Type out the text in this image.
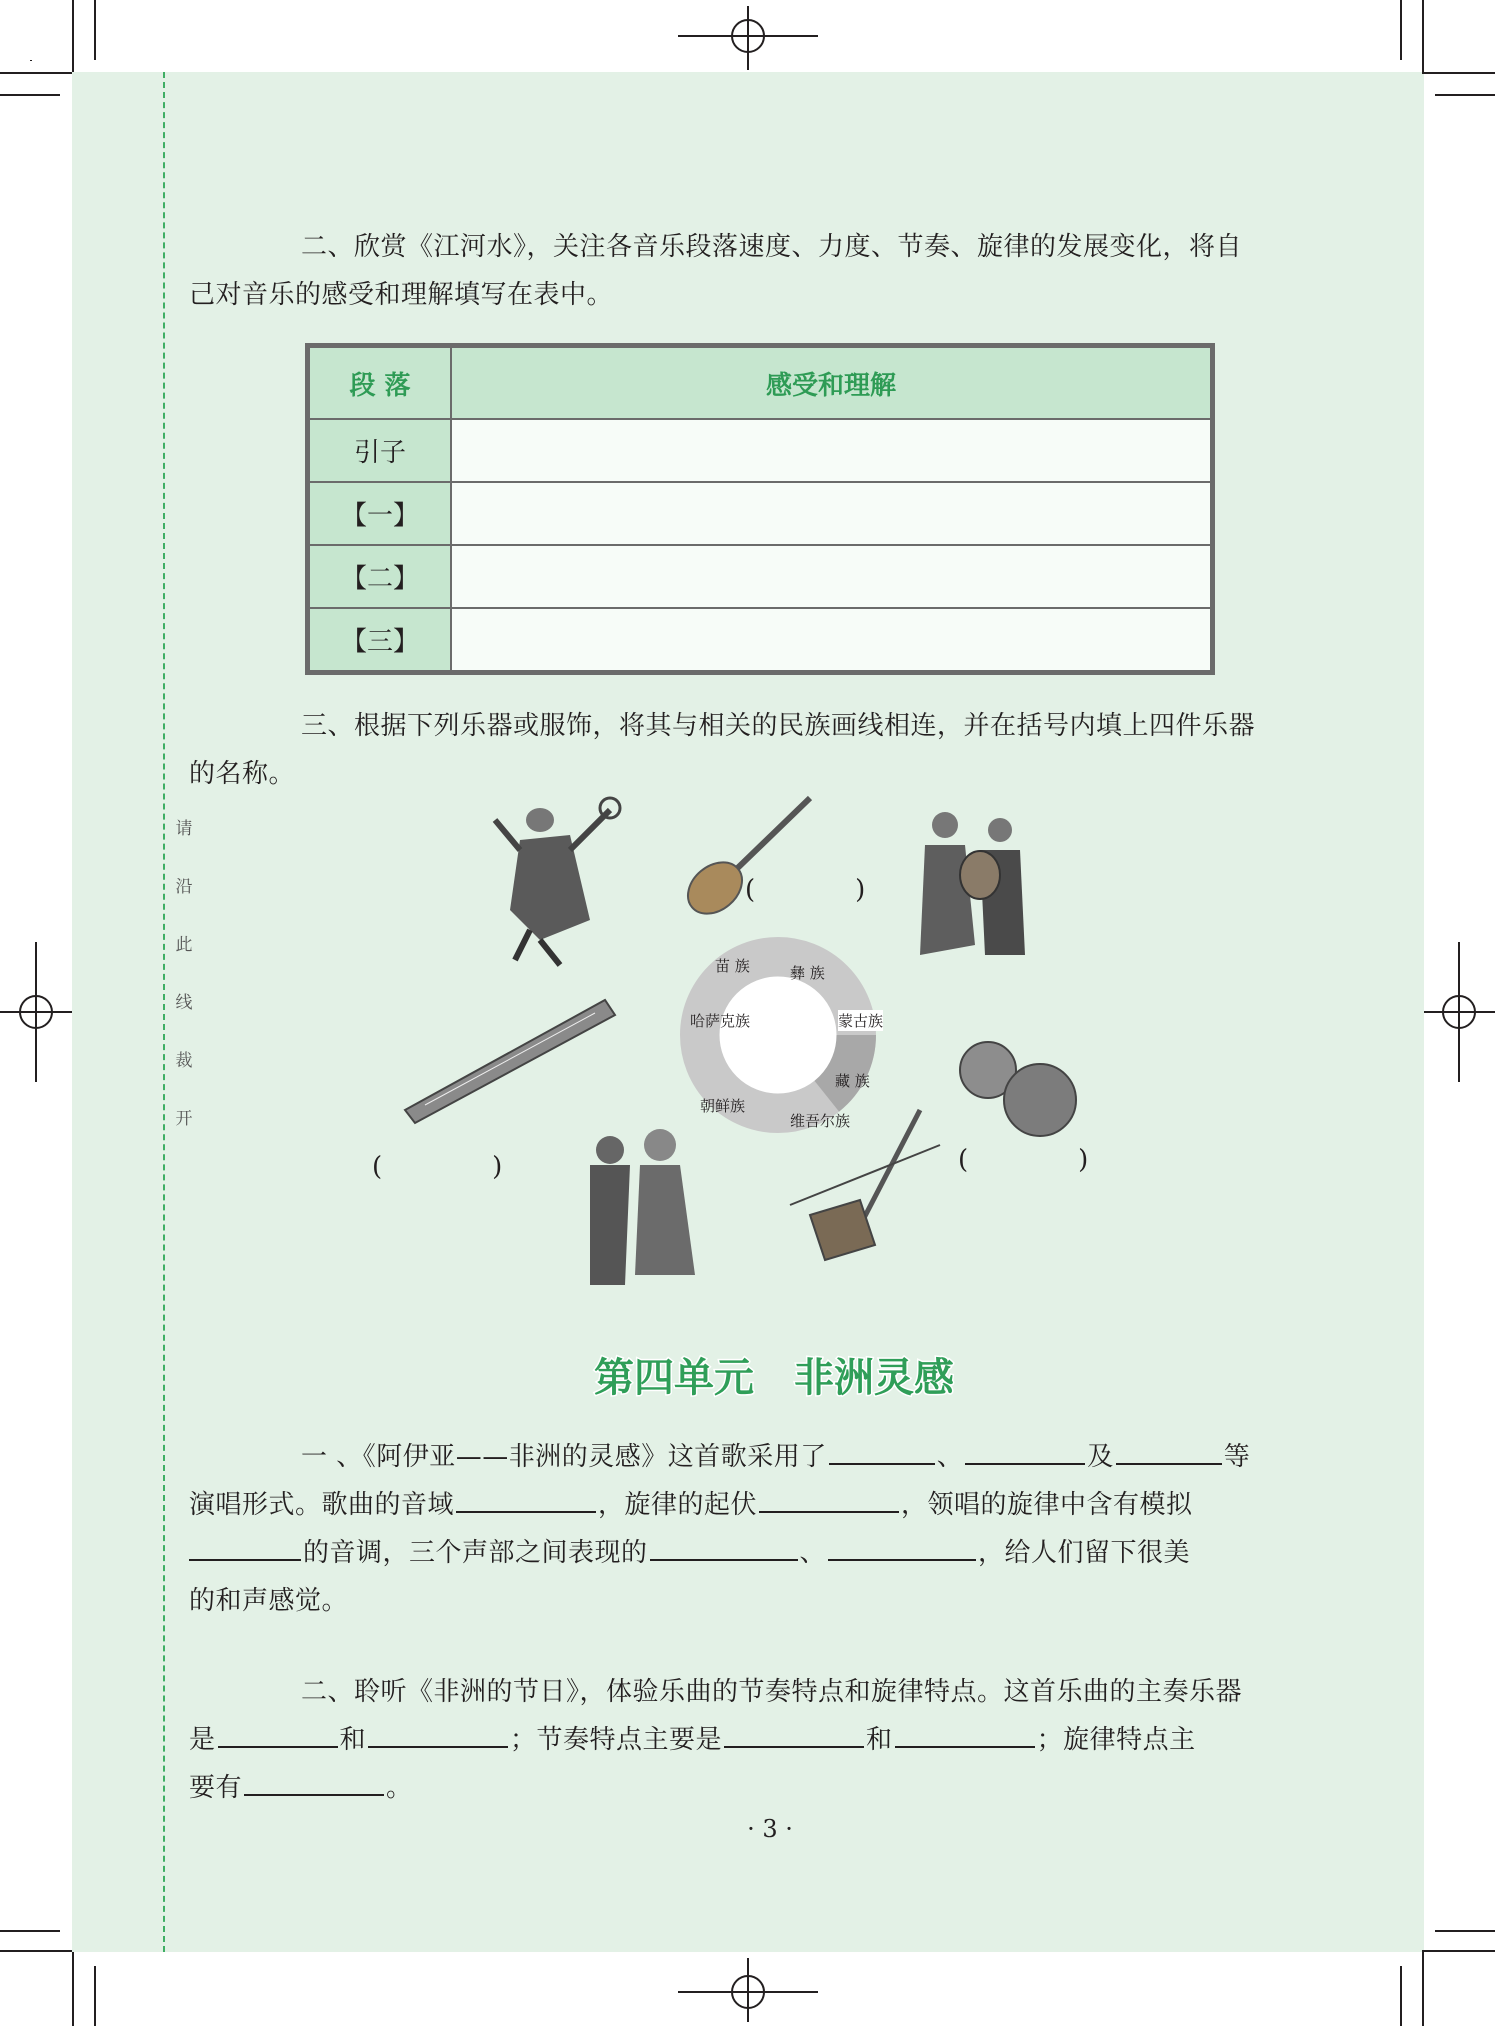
请
沿
此
线
裁
开
二、欣赏《江河水》，关注各音乐段落速度、力度、节奏、旋律的发展变化，将自
己对音乐的感受和理解填写在表中。
段 落	感受和理解
引子	
【一】	
【二】	
【三】	
三、根据下列乐器或服饰，将其与相关的民族画线相连，并在括号内填上四件乐器
的名称。
(	)
苗 族	彝 族
蒙古族
藏 族
维吾尔族
朝鲜族
哈萨克族
(	)	(	)
第四单元　非洲灵感
一 、《阿伊亚——非洲的灵感》这首歌采用了	、	及	等
演唱形式。歌曲的音域	，旋律的起伏	，领唱的旋律中含有模拟
的音调，三个声部之间表现的	、	，给人们留下很美
的和声感觉。
二、聆听《非洲的节日》，体验乐曲的节奏特点和旋律特点。这首乐曲的主奏乐器
是	和	；节奏特点主要是	和	；旋律特点主
要有	。
· 3 ·
